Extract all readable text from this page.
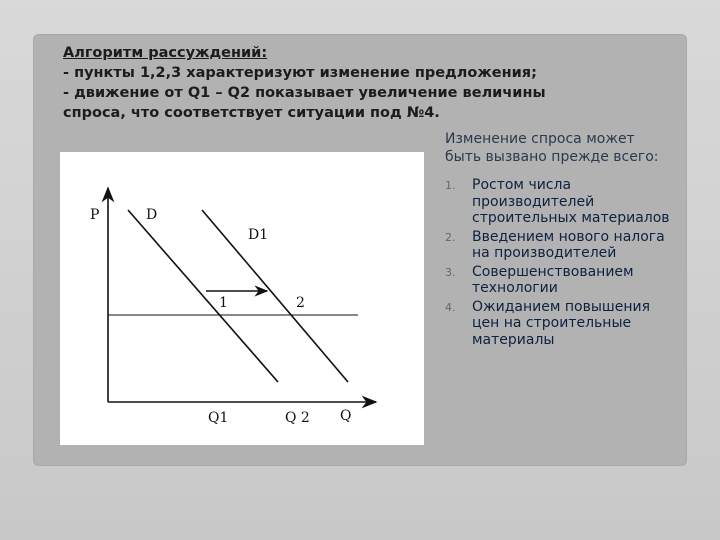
Алгоритм рассуждений:
- пункты 1,2,3 характеризуют изменение предложения;
- движение от Q1 – Q2 показывает увеличение величины
спроса, что соответствует ситуации под №4.
P	D
D1
1	2
Q1	Q 2 Q

Изменение спроса может быть вызвано прежде всего:

1. Ростом числа производителей строительных материалов
2. Введением нового налога на производителей
3. Совершенствованием технологии
4. Ожиданием повышения цен на строительные материалы
